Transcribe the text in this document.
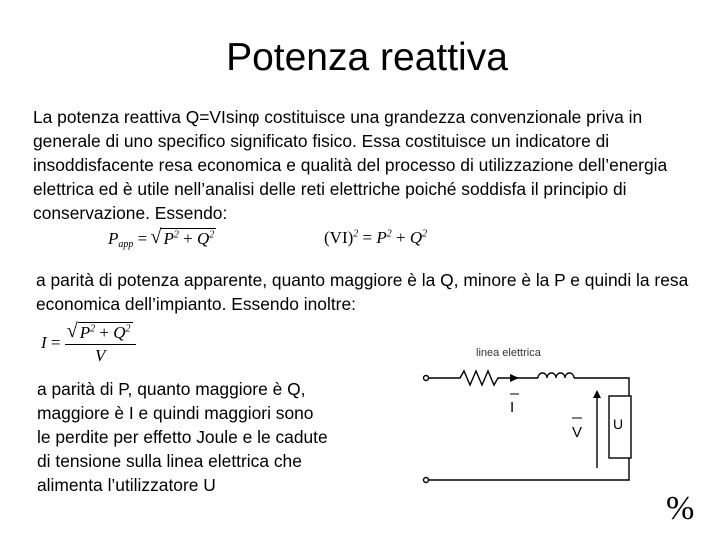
Potenza reattiva

La potenza reattiva Q=VIsinφ costituisce una grandezza convenzionale priva in generale di uno specifico significato fisico. Essa costituisce un indicatore di insoddisfacente resa economica e qualità del processo di utilizzazione dell’energia elettrica ed è utile nell’analisi delle reti elettriche poiché soddisfa il principio di conservazione. Essendo:

$P_{app}$ = √ $P^2 + Q^2$	$(VI)^2 = P^2 + Q^2$

a parità di potenza apparente, quanto maggiore è la Q, minore è la P e quindi la resa economica dell’impianto. Essendo inoltre:

I =
√ $\frac{P^2 + Q^2}{V}$

a parità di P, quanto maggiore è Q,
maggiore è I e quindi maggiori sono
le perdite per effetto Joule e le cadute
di tensione sulla linea elettrica che
alimenta l’utilizzatore U

linea elettrica
I
V U
%
